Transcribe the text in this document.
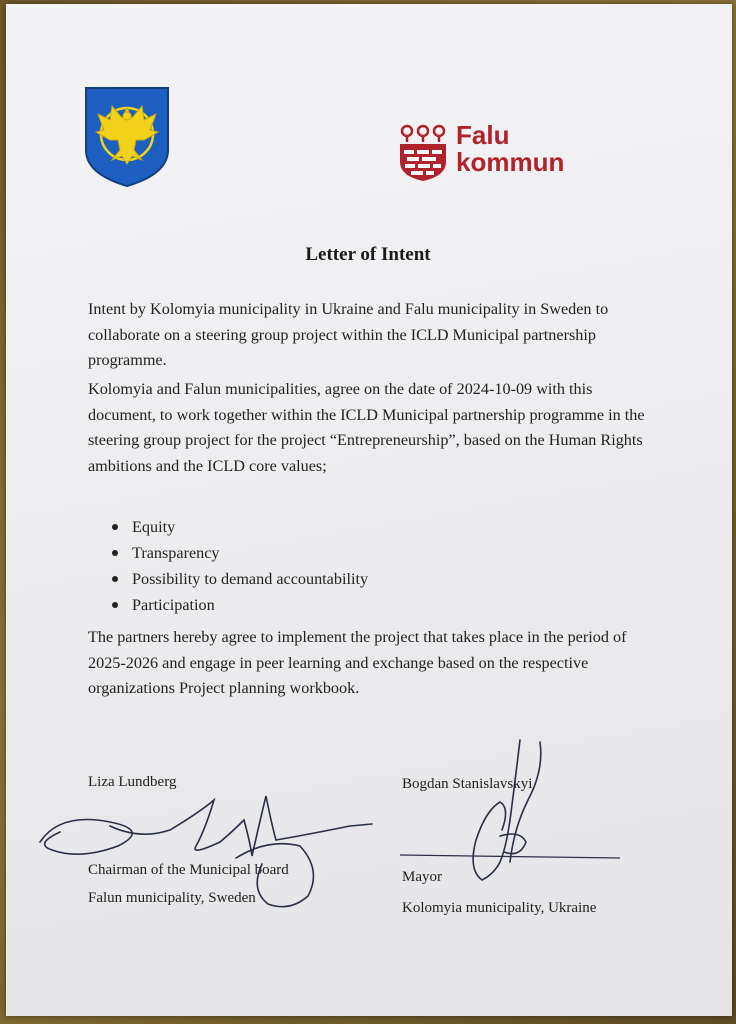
Falu
kommun
Letter of Intent
Intent by Kolomyia municipality in Ukraine and Falu municipality in Sweden to collaborate on a steering group project within the ICLD Municipal partnership programme.
Kolomyia and Falun municipalities, agree on the date of 2024-10-09 with this document, to work together within the ICLD Municipal partnership programme in the steering group project for the project “Entrepreneurship”, based on the Human Rights ambitions and the ICLD core values;
Equity
Transparency
Possibility to demand accountability
Participation
The partners hereby agree to implement the project that takes place in the period of 2025-2026 and engage in peer learning and exchange based on the respective organizations Project planning workbook.
Liza Lundberg
Chairman of the Municipal board
Falun municipality, Sweden
Bogdan Stanislavskyi
Mayor
Kolomyia municipality, Ukraine
